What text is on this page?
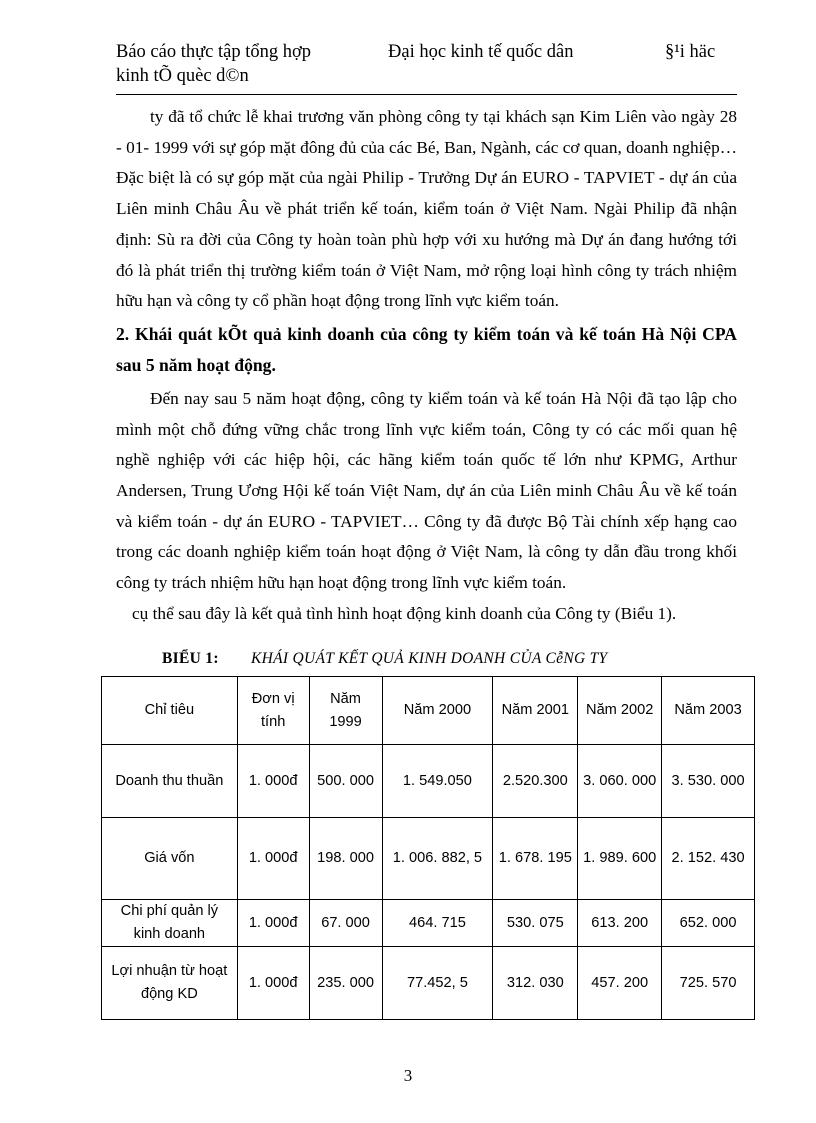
Báo cáo thực tập tổng hợp
kinh tÕ quèc d©n
Đại học kinh tế quốc dân	§¹i häc

ty đã tổ chức lễ khai trương văn phòng công ty tại khách sạn Kim Liên vào ngày 28 - 01- 1999 với sự góp mặt đông đủ của các Bé, Ban, Ngành, các cơ quan, doanh nghiệp…Đặc biệt là có sự góp mặt của ngài Philip - Trưởng Dự án EURO - TAPVIET - dự án của Liên minh Châu Âu về phát triển kế toán, kiểm toán ở Việt Nam. Ngài Philip đã nhận định: Sù ra đời của Công ty hoàn toàn phù hợp với xu hướng mà Dự án đang hướng tới đó là phát triển thị trường kiểm toán ở Việt Nam, mở rộng loại hình công ty trách nhiệm hữu hạn và công ty cổ phần hoạt động trong lĩnh vực kiểm toán.

2. Khái quát kÕt quả kinh doanh của công ty kiểm toán và kế toán Hà Nội CPA sau 5 năm hoạt động.

Đến nay sau 5 năm hoạt động, công ty kiểm toán và kế toán Hà Nội đã tạo lập cho mình một chỗ đứng vững chắc trong lĩnh vực kiểm toán, Công ty có các mối quan hệ nghề nghiệp với các hiệp hội, các hãng kiểm toán quốc tế lớn như KPMG, Arthur Andersen, Trung Ương Hội kế toán Việt Nam, dự án của Liên minh Châu Âu về kế toán và kiểm toán - dự án EURO - TAPVIET… Công ty đã được Bộ Tài chính xếp hạng cao trong các doanh nghiệp kiểm toán hoạt động ở Việt Nam, là công ty dẫn đầu trong khối công ty trách nhiệm hữu hạn hoạt động trong lĩnh vực kiểm toán.

cụ thể sau đây là kết quả tình hình hoạt động kinh doanh của Công ty (Biểu 1).

BIỂU 1: KHÁI QUÁT KẾT QUẢ KINH DOANH CỦA CễNG TY
Chỉ tiêu	Đơn vị tính	Năm 1999	Năm 2000	Năm 2001	Năm 2002	Năm 2003
Doanh thu thuần	1. 000đ	500. 000	1. 549.050	2.520.300	3. 060. 000	3. 530. 000
Giá vốn	1. 000đ	198. 000	1. 006. 882, 5	1. 678. 195	1. 989. 600	2. 152. 430
Chi phí quản lý kinh doanh	1. 000đ	67. 000	464. 715	530. 075	613. 200	652. 000
Lợi nhuận từ hoạt động KD	1. 000đ	235. 000	77.452, 5	312. 030	457. 200	725. 570
3
